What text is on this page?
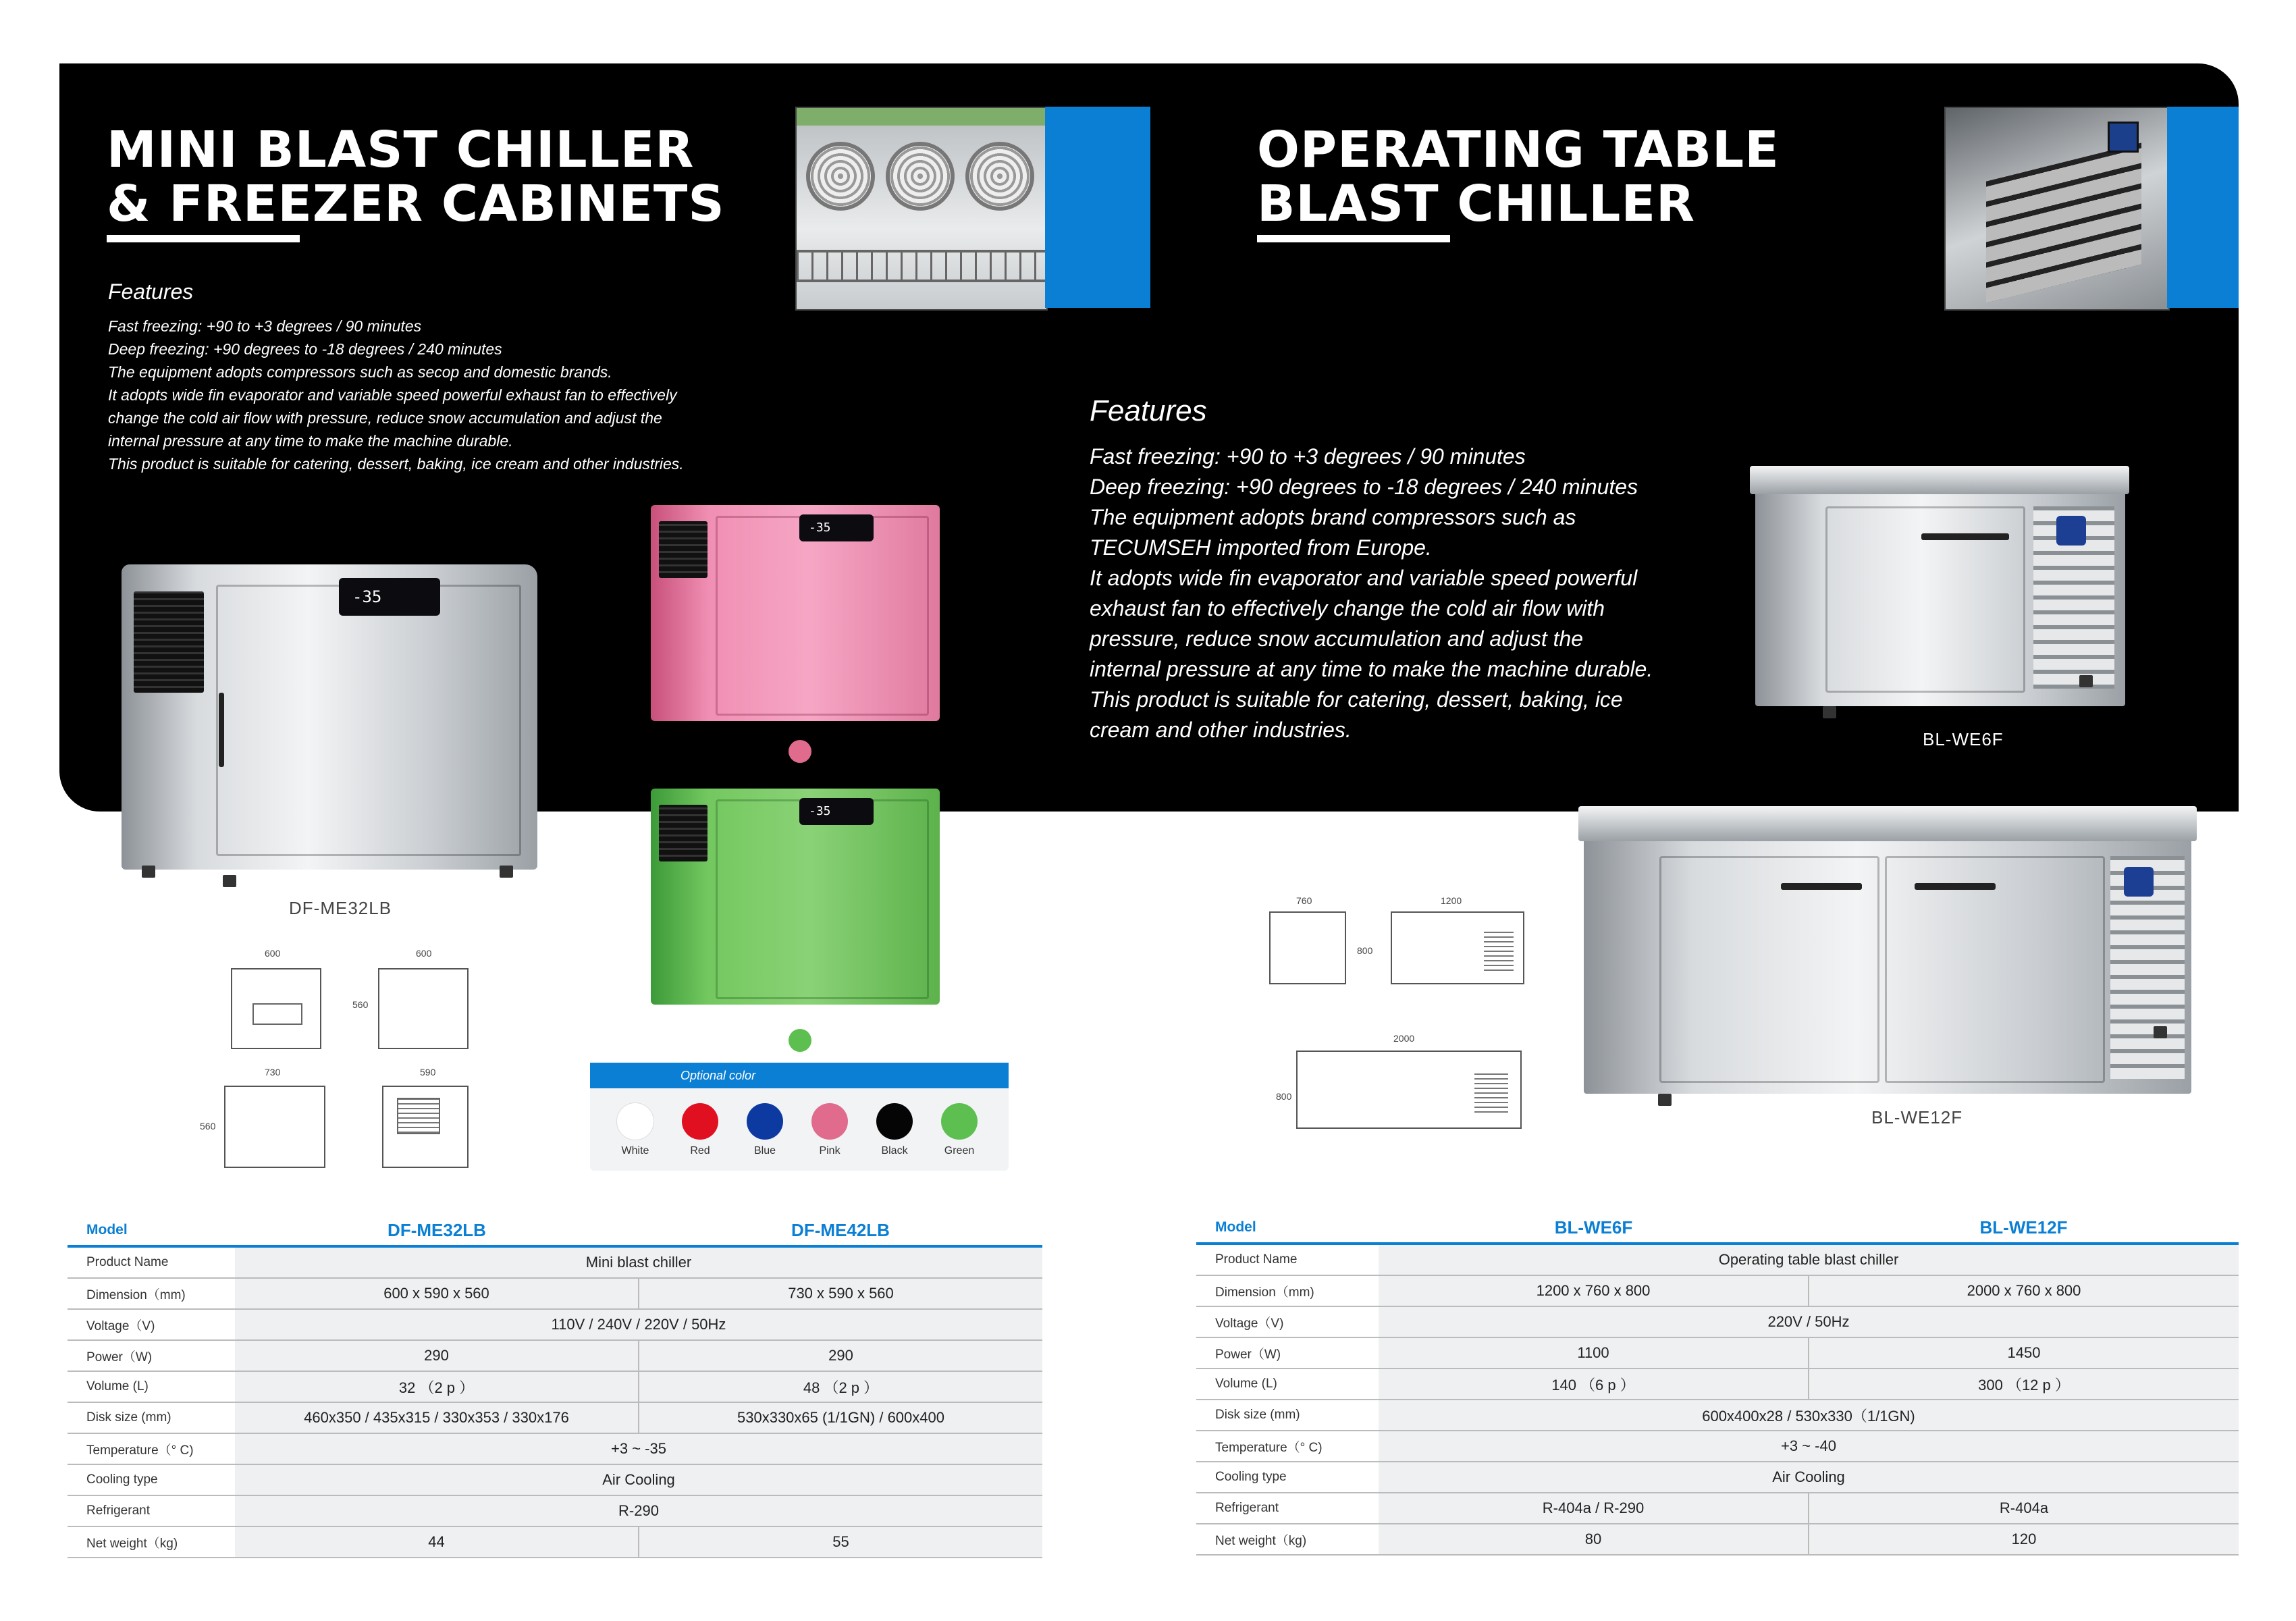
MINI BLAST CHILLER
& FREEZER CABINETS
Features
Fast freezing: +90 to +3 degrees / 90 minutes
Deep freezing: +90 degrees to -18 degrees / 240 minutes
The equipment adopts compressors such as secop and domestic brands.
It adopts wide fin evaporator and variable speed powerful exhaust fan to effectively
change the cold air flow with pressure, reduce snow accumulation and adjust the
internal pressure at any time to make the machine durable.
This product is suitable for catering, dessert, baking, ice cream and other industries.
OPERATING TABLE
BLAST CHILLER
Features
Fast freezing: +90 to +3 degrees / 90 minutes
Deep freezing: +90 degrees to -18 degrees / 240 minutes
The equipment adopts brand compressors such as
TECUMSEH imported from Europe.
It adopts wide fin evaporator and variable speed powerful
exhaust fan to effectively change the cold air flow with
pressure, reduce snow accumulation and adjust the
internal pressure at any time to make the machine durable.
This product is suitable for catering, dessert, baking, ice
cream and other industries.
-35
DF-ME32LB
-35
-35
600	600
560
730
560
590	Optional color
White	Red	Blue	Pink	Black	Green
BL-WE6F
BL-WE12F
760	1200
800
2000
800
Model	DF-ME32LB	DF-ME42LB
Product Name	Mini blast chiller	
Dimension（mm)	600 x 590 x 560	730 x 590 x 560
Voltage（V)	110V / 240V / 220V / 50Hz	
Power（W)	290	290
Volume (L)	32 （2 p ）	48 （2 p ）
Disk size (mm)	460x350 / 435x315 / 330x353 / 330x176	530x330x65 (1/1GN) / 600x400
Temperature（° C)	+3 ~ -35	
Cooling type	Air Cooling	
Refrigerant	R-290	
Net weight（kg)	44	55
Model	BL-WE6F	BL-WE12F
Product Name	Operating table blast chiller	
Dimension（mm)	1200 x 760 x 800	2000 x 760 x 800
Voltage（V)	220V / 50Hz	
Power（W)	1100	1450
Volume (L)	140 （6 p ）	300 （12 p ）
Disk size (mm)	600x400x28 / 530x330（1/1GN)	
Temperature（° C)	+3 ~ -40	
Cooling type	Air Cooling	
Refrigerant	R-404a / R-290	R-404a
Net weight（kg)	80	120
